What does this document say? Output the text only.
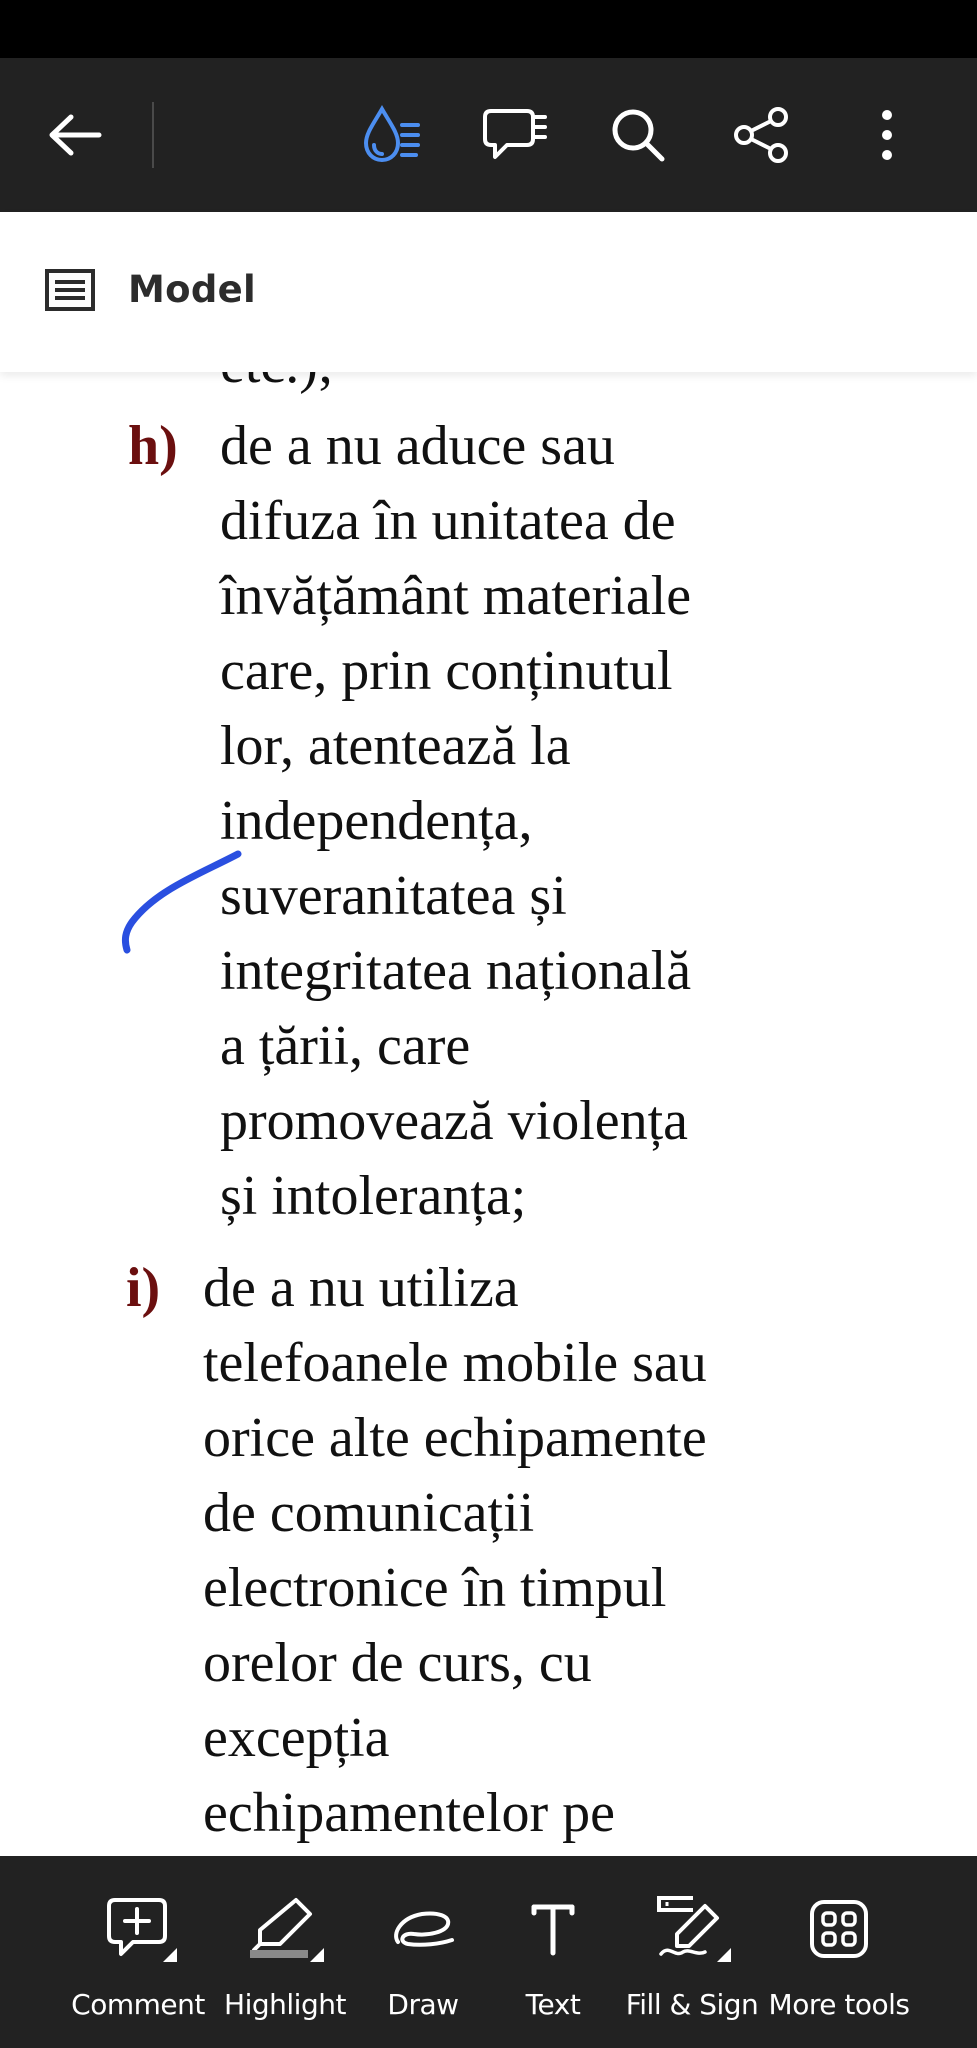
Model
h) de a nu aduce sau
difuza în unitatea de
învățământ materiale
care, prin conținutul
lor, atentează la
independența,
suveranitatea și
integritatea națională
a țării, care
promovează violența
și intoleranța;
i) de a nu utiliza
telefoanele mobile sau
orice alte echipamente
de comunicații
electronice în timpul
orelor de curs, cu
excepția
echipamentelor pe
Comment Highlight	Draw	Text	Fill & Sign More tools
